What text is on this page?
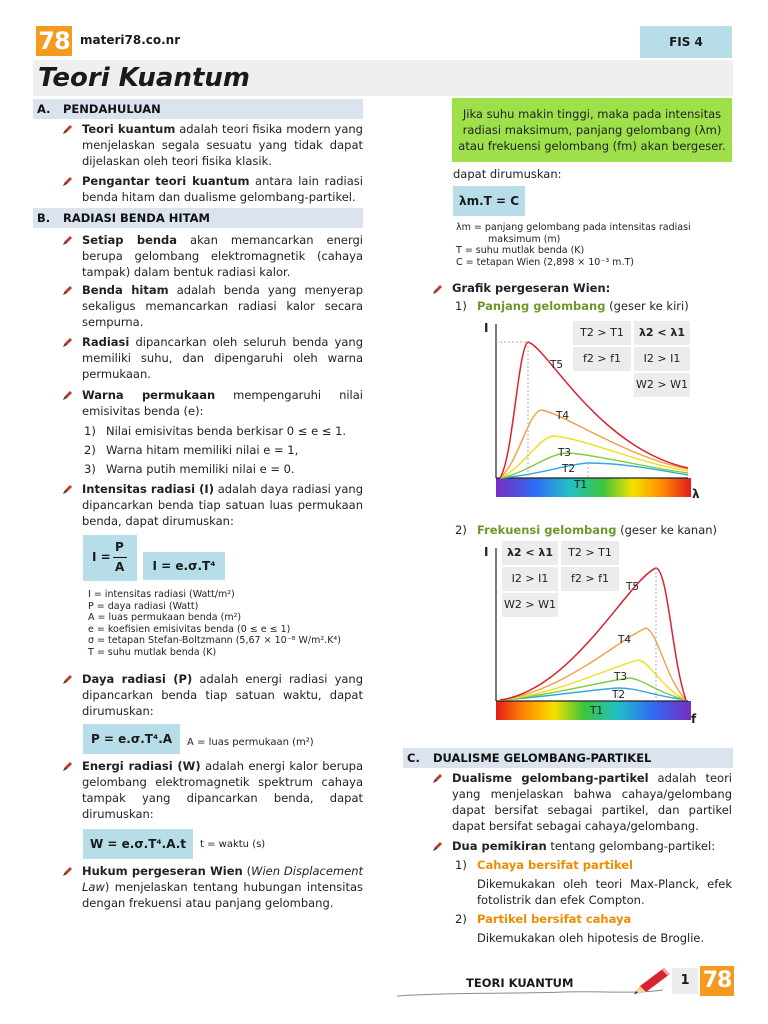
78 materi78.co.nr	FIS 4
Teori Kuantum
A. PENDAHULUAN
Teori kuantum adalah teori fisika modern yang menjelaskan segala sesuatu yang tidak dapat dijelaskan oleh teori fisika klasik.
Pengantar teori kuantum antara lain radiasi benda hitam dan dualisme gelombang-partikel.
B. RADIASI BENDA HITAM
Setiap benda akan memancarkan energi berupa gelombang elektromagnetik (cahaya tampak) dalam bentuk radiasi kalor.
Benda hitam adalah benda yang menyerap sekaligus memancarkan radiasi kalor secara sempurna.
Radiasi dipancarkan oleh seluruh benda yang memiliki suhu, dan dipengaruhi oleh warna permukaan.
Warna permukaan mempengaruhi nilai emisivitas benda (e):
1) Nilai emisivitas benda berkisar 0 ≤ e ≤ 1.
2) Warna hitam memiliki nilai e = 1,
3) Warna putih memiliki nilai e = 0.
Intensitas radiasi (I) adalah daya radiasi yang dipancarkan benda tiap satuan luas permukaan benda, dapat dirumuskan:
I =
P
A	I = e.σ.T⁴
I = intensitas radiasi (Watt/m²)
P = daya radiasi (Watt)
A = luas permukaan benda (m²)
e = koefisien emisivitas benda (0 ≤ e ≤ 1)
σ = tetapan Stefan-Boltzmann (5,67 × 10⁻⁸ W/m².K⁴)
T = suhu mutlak benda (K)
Daya radiasi (P) adalah energi radiasi yang dipancarkan benda tiap satuan waktu, dapat dirumuskan:
P = e.σ.T⁴.A	A = luas permukaan (m²)
Energi radiasi (W) adalah energi kalor berupa gelombang elektromagnetik spektrum cahaya tampak yang dipancarkan benda, dapat dirumuskan:
W = e.σ.T⁴.A.t	t = waktu (s)
Hukum pergeseran Wien (Wien Displacement Law) menjelaskan tentang hubungan intensitas dengan frekuensi atau panjang gelombang.
Jika suhu makin tinggi, maka pada intensitas
radiasi maksimum, panjang gelombang (λm)
atau frekuensi gelombang (fm) akan bergeser.
dapat dirumuskan:
λm.T = C
λm = panjang gelombang pada intensitas radiasi
maksimum (m)
T = suhu mutlak benda (K)
C = tetapan Wien (2,898 × 10⁻³ m.T)
Grafik pergeseran Wien:
1) Panjang gelombang (geser ke kiri)
T5
T4
T3
T2
T1
I
λ
T2 > T1	λ2 < λ1
f2 > f1	I2 > I1
W2 > W1
2) Frekuensi gelombang (geser ke kanan)
T5
T4
T3
T2
T1
I
f
λ2 < λ1	T2 > T1
I2 > I1	f2 > f1
W2 > W1
C. DUALISME GELOMBANG-PARTIKEL
Dualisme gelombang-partikel adalah teori yang menjelaskan bahwa cahaya/gelombang dapat bersifat sebagai partikel, dan partikel dapat bersifat sebagai cahaya/gelombang.
Dua pemikiran tentang gelombang-partikel:
1) Cahaya bersifat partikel
Dikemukakan oleh teori Max-Planck, efek fotolistrik dan efek Compton.
2) Partikel bersifat cahaya
Dikemukakan oleh hipotesis de Broglie.
TEORI KUANTUM	1 78
